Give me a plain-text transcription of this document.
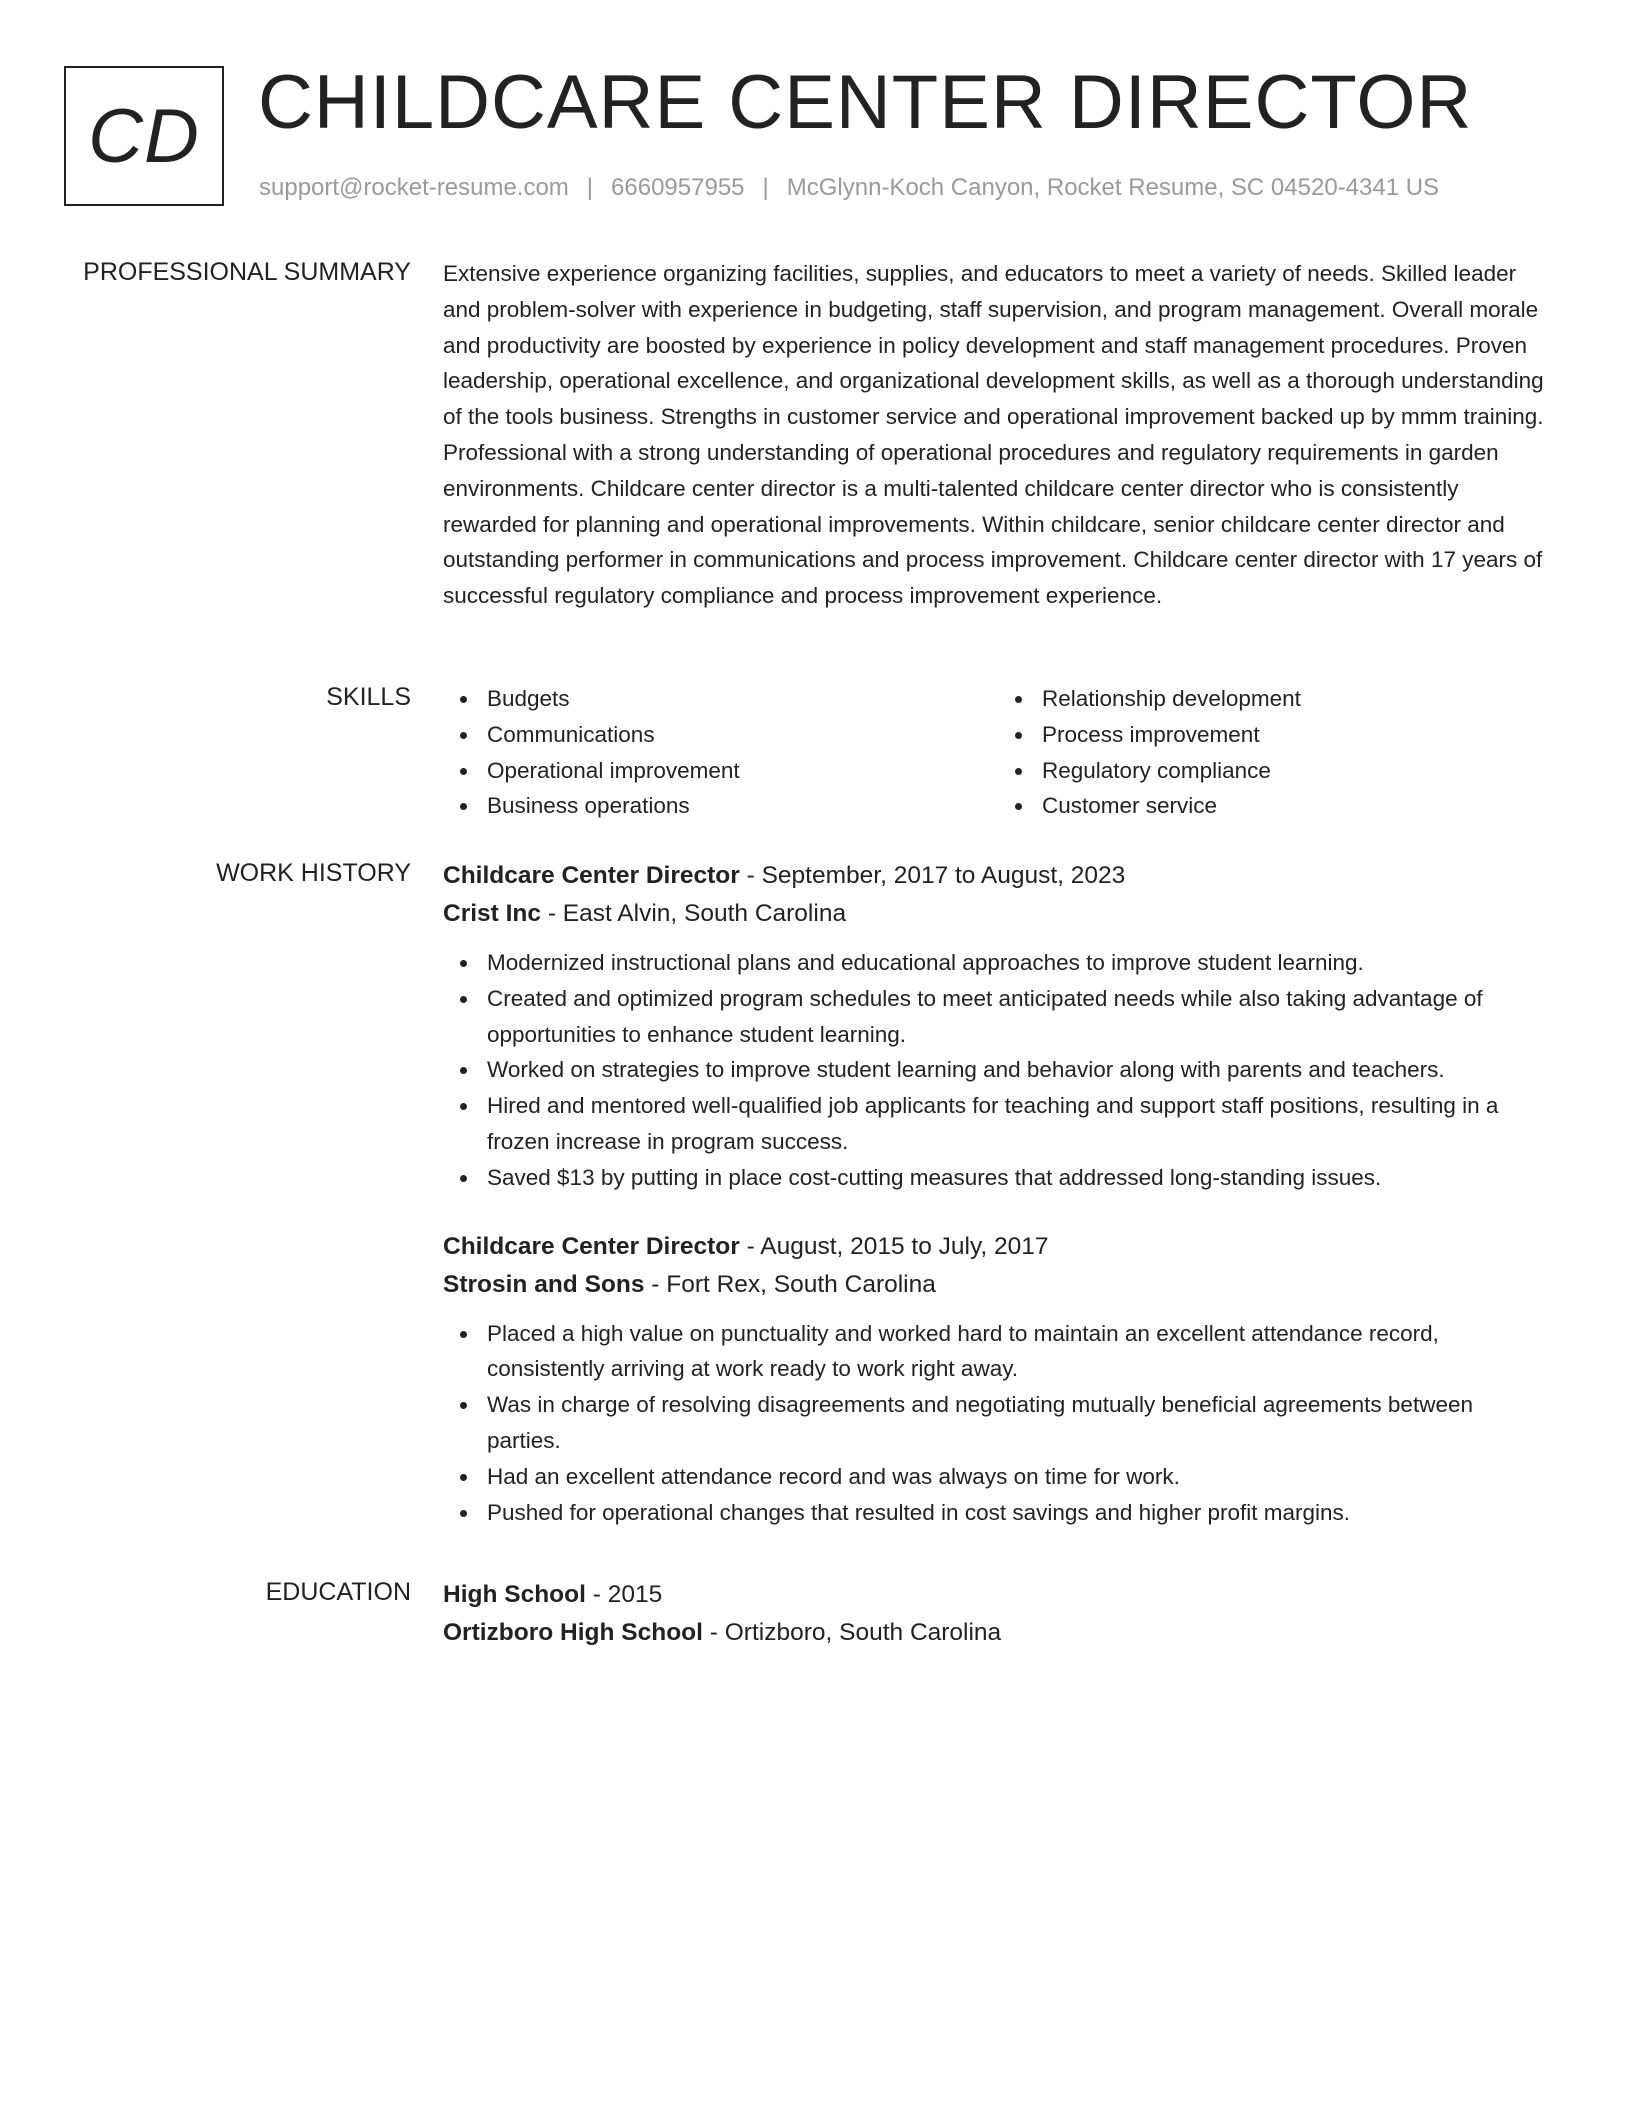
CD CHILDCARE CENTER DIRECTOR
support@rocket-resume.com | 6660957955 | McGlynn-Koch Canyon, Rocket Resume, SC 04520-4341 US
PROFESSIONAL SUMMARY Extensive experience organizing facilities, supplies, and educators to meet a variety of needs. Skilled leader and problem-solver with experience in budgeting, staff supervision, and program management. Overall morale and productivity are boosted by experience in policy development and staff management procedures. Proven leadership, operational excellence, and organizational development skills, as well as a thorough understanding of the tools business. Strengths in customer service and operational improvement backed up by mmm training. Professional with a strong understanding of operational procedures and regulatory requirements in garden environments. Childcare center director is a multi-talented childcare center director who is consistently rewarded for planning and operational improvements. Within childcare, senior childcare center director and outstanding performer in communications and process improvement. Childcare center director with 17 years of successful regulatory compliance and process improvement experience.

SKILLS	Budgets
Communications
Operational improvement
Business operations
Relationship development
Process improvement
Regulatory compliance
Customer service
WORK HISTORY Childcare Center Director - September, 2017 to August, 2023
Crist Inc - East Alvin, South Carolina
Modernized instructional plans and educational approaches to improve student learning.
Created and optimized program schedules to meet anticipated needs while also taking advantage of opportunities to enhance student learning.
Worked on strategies to improve student learning and behavior along with parents and teachers.
Hired and mentored well-qualified job applicants for teaching and support staff positions, resulting in a frozen increase in program success.
Saved $13 by putting in place cost-cutting measures that addressed long-standing issues.
Childcare Center Director - August, 2015 to July, 2017
Strosin and Sons - Fort Rex, South Carolina
Placed a high value on punctuality and worked hard to maintain an excellent attendance record, consistently arriving at work ready to work right away.
Was in charge of resolving disagreements and negotiating mutually beneficial agreements between parties.
Had an excellent attendance record and was always on time for work.
Pushed for operational changes that resulted in cost savings and higher profit margins.
EDUCATION High School - 2015
Ortizboro High School - Ortizboro, South Carolina
